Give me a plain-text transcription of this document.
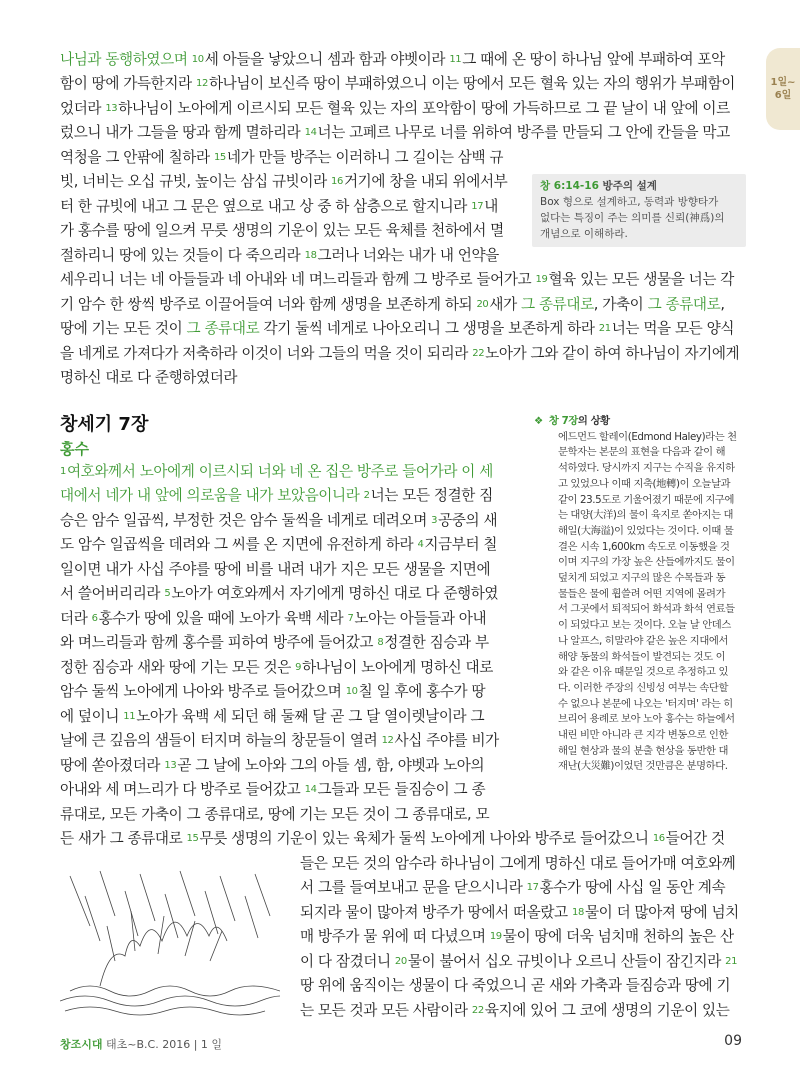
1일~
6일
나님과 동행하였으며 10세 아들을 낳았으니 셈과 함과 야벳이라 11그 때에 온 땅이 하나님 앞에 부패하여 포악
함이 땅에 가득한지라 12하나님이 보신즉 땅이 부패하였으니 이는 땅에서 모든 혈육 있는 자의 행위가 부패함이
었더라 13하나님이 노아에게 이르시되 모든 혈육 있는 자의 포악함이 땅에 가득하므로 그 끝 날이 내 앞에 이르
렀으니 내가 그들을 땅과 함께 멸하리라 14너는 고페르 나무로 너를 위하여 방주를 만들되 그 안에 칸들을 막고
역청을 그 안팎에 칠하라 15네가 만들 방주는 이러하니 그 길이는 삼백 규
빗, 너비는 오십 규빗, 높이는 삼십 규빗이라 16거기에 창을 내되 위에서부
터 한 규빗에 내고 그 문은 옆으로 내고 상 중 하 삼층으로 할지니라 17내
가 홍수를 땅에 일으켜 무릇 생명의 기운이 있는 모든 육체를 천하에서 멸
절하리니 땅에 있는 것들이 다 죽으리라 18그러나 너와는 내가 내 언약을
세우리니 너는 네 아들들과 네 아내와 네 며느리들과 함께 그 방주로 들어가고 19혈육 있는 모든 생물을 너는 각
기 암수 한 쌍씩 방주로 이끌어들여 너와 함께 생명을 보존하게 하되 20새가 그 종류대로, 가축이 그 종류대로,
땅에 기는 모든 것이 그 종류대로 각기 둘씩 네게로 나아오리니 그 생명을 보존하게 하라 21너는 먹을 모든 양식
을 네게로 가져다가 저축하라 이것이 너와 그들의 먹을 것이 되리라 22노아가 그와 같이 하여 하나님이 자기에게
명하신 대로 다 준행하였더라
창 6:14-16 방주의 설계
Box 형으로 설계하고, 동력과 방향타가
없다는 특징이 주는 의미를 신뢰(神爲)의
개념으로 이해하라.
창세기 7장
홍수
1여호와께서 노아에게 이르시되 너와 네 온 집은 방주로 들어가라 이 세
대에서 네가 내 앞에 의로움을 내가 보았음이니라 2너는 모든 정결한 짐
승은 암수 일곱씩, 부정한 것은 암수 둘씩을 네게로 데려오며 3공중의 새
도 암수 일곱씩을 데려와 그 씨를 온 지면에 유전하게 하라 4지금부터 칠
일이면 내가 사십 주야를 땅에 비를 내려 내가 지은 모든 생물을 지면에
서 쓸어버리리라 5노아가 여호와께서 자기에게 명하신 대로 다 준행하였
더라 6홍수가 땅에 있을 때에 노아가 육백 세라 7노아는 아들들과 아내
와 며느리들과 함께 홍수를 피하여 방주에 들어갔고 8정결한 짐승과 부
정한 짐승과 새와 땅에 기는 모든 것은 9하나님이 노아에게 명하신 대로
암수 둘씩 노아에게 나아와 방주로 들어갔으며 10칠 일 후에 홍수가 땅
에 덮이니 11노아가 육백 세 되던 해 둘째 달 곧 그 달 열이렛날이라 그
날에 큰 깊음의 샘들이 터지며 하늘의 창문들이 열려 12사십 주야를 비가
땅에 쏟아졌더라 13곧 그 날에 노아와 그의 아들 셈, 함, 야벳과 노아의
아내와 세 며느리가 다 방주로 들어갔고 14그들과 모든 들짐승이 그 종
류대로, 모든 가축이 그 종류대로, 땅에 기는 모든 것이 그 종류대로, 모
든 새가 그 종류대로 15무릇 생명의 기운이 있는 육체가 둘씩 노아에게 나아와 방주로 들어갔으니 16들어간 것
들은 모든 것의 암수라 하나님이 그에게 명하신 대로 들어가매 여호와께
서 그를 들여보내고 문을 닫으시니라 17홍수가 땅에 사십 일 동안 계속
되지라 물이 많아져 방주가 땅에서 떠올랐고 18물이 더 많아져 땅에 넘치
매 방주가 물 위에 떠 다녔으며 19물이 땅에 더욱 넘치매 천하의 높은 산
이 다 잠겼더니 20물이 불어서 십오 규빗이나 오르니 산들이 잠긴지라 21
땅 위에 움직이는 생물이 다 죽었으니 곧 새와 가축과 들짐승과 땅에 기
는 모든 것과 모든 사람이라 22육지에 있어 그 코에 생명의 기운이 있는
❖ 창 7장의 상황
에드먼드 할레이(Edmond Haley)라는 천
문학자는 본문의 표현을 다음과 같이 해
석하였다. 당시까지 지구는 수직을 유지하
고 있었으나 이때 지축(地轉)이 오늘날과
같이 23.5도로 기울어졌기 때문에 지구에
는 대양(大洋)의 물이 육지로 쏟아지는 대
해일(大海溢)이 있었다는 것이다. 이때 물
결은 시속 1,600km 속도로 이동했을 것
이며 지구의 가장 높은 산들에까지도 물이
덮치게 되었고 지구의 많은 수목들과 동
물들은 물에 휩쓸려 어떤 지역에 몰려가
서 그곳에서 퇴적되어 화석과 화석 연료들
이 되었다고 보는 것이다. 오늘 날 안데스
나 알프스, 히말라야 같은 높은 지대에서
해양 동물의 화석들이 발견되는 것도 이
와 같은 이유 때문일 것으로 추정하고 있
다. 이러한 주장의 신빙성 여부는 속단할
수 없으나 본문에 나오는 '터지며' 라는 히
브리어 용례로 보아 노아 홍수는 하늘에서
내린 비만 아니라 큰 지각 변동으로 인한
해일 현상과 물의 분출 현상을 동반한 대
재난(大災難)이었던 것만큼은 분명하다.
창조시대 태초~B.C. 2016 | 1 일	09
